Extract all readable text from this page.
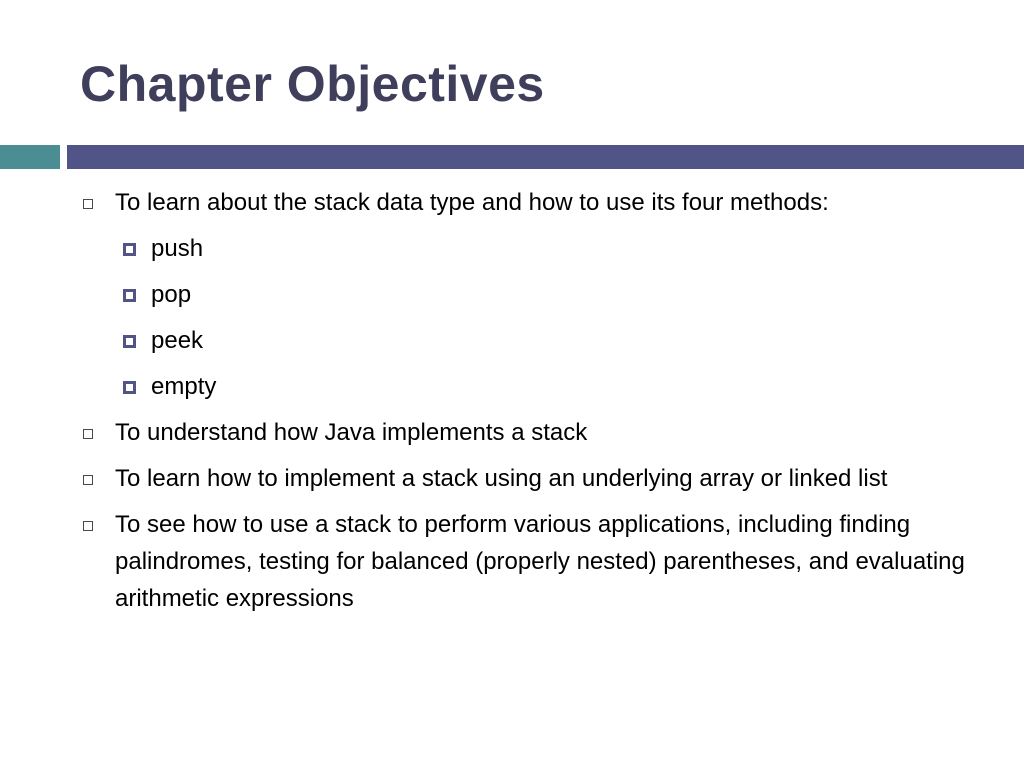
Chapter Objectives
To learn about the stack data type and how to use its four methods:
push
pop
peek
empty
To understand how Java implements a stack
To learn how to implement a stack using an underlying array or linked list
To see how to use a stack to perform various applications, including finding palindromes, testing for balanced (properly nested) parentheses, and evaluating arithmetic expressions
